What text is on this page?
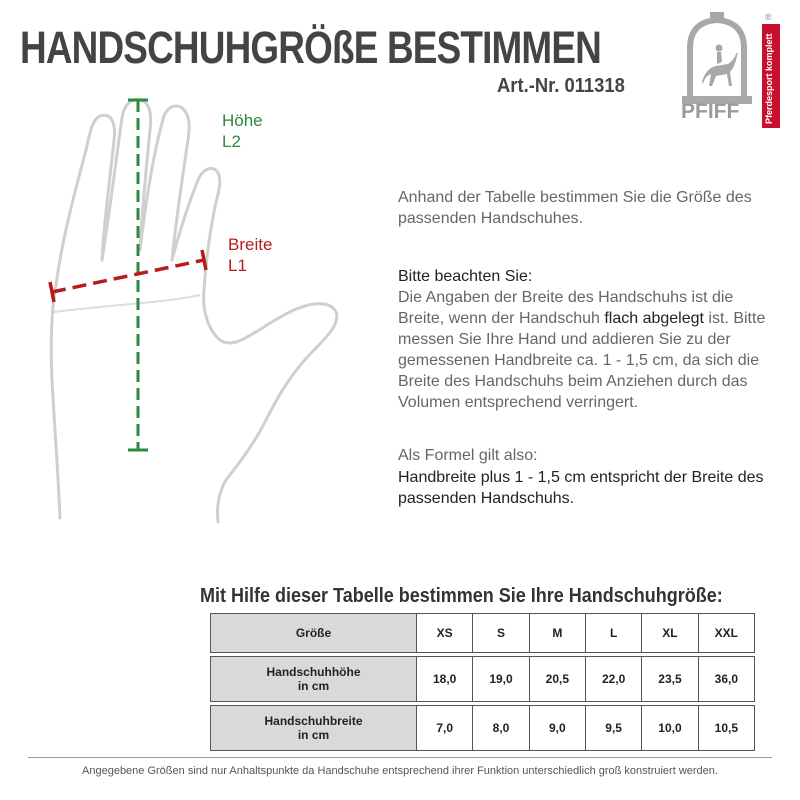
HANDSCHUHGRÖßE BESTIMMEN
Art.-Nr. 011318
®
PFIFF	Pferdesport komplett
Höhe
L2
Breite
L1
Anhand der Tabelle bestimmen Sie die Größe des passenden Handschuhes.
Bitte beachten Sie:
Die Angaben der Breite des Handschuhs ist die Breite, wenn der Handschuh flach abgelegt ist. Bitte messen Sie Ihre Hand und addieren Sie zu der gemessenen Handbreite ca. 1 - 1,5 cm, da sich die Breite des Handschuhs beim Anziehen durch das Volumen entsprechend verringert.
Als Formel gilt also:
Handbreite plus 1 - 1,5 cm entspricht der Breite des passenden Handschuhs.
Mit Hilfe dieser Tabelle bestimmen Sie Ihre Handschuhgröße:
Größe	XS	S	M	L	XL	XXL

Handschuhhöhe
in cm	18,0	19,0	20,5	22,0	23,5	36,0

Handschuhbreite
in cm	7,0	8,0	9,0	9,5	10,0	10,5
Angegebene Größen sind nur Anhaltspunkte da Handschuhe entsprechend ihrer Funktion unterschiedlich groß konstruiert werden.
